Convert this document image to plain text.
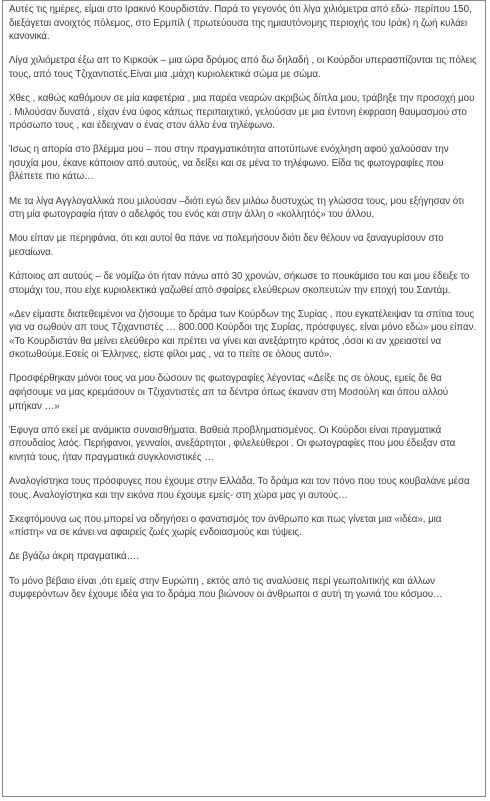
Αυτές τις ημέρες, είμαι στο Ιρακινό Κουρδιστάν. Παρά το γεγονός ότι λίγα χιλιόμετρα από εδώ- περίπου 150, διεξάγεται ανοιχτός πόλεμος, στο Ερμπίλ ( πρωτεύουσα της ημιαυτόνομης περιοχής του Ιράκ) η ζωή κυλάει κανονικά.

Λίγα χιλιόμετρα έξω απ το Κιρκούκ – μια ώρα δρόμος από δω δηλαδή , οι Κούρδοι υπερασπίζονται τις πόλεις τους, από τους Τζιχαντιστές.Είναι μια ,μάχη κυριολεκτικά σώμα με σώμα.

Χθες , καθώς καθόμουν σε μία καφετέρια , μια παρέα νεαρών ακριβώς δίπλα μου, τράβηξε την προσοχή μου . Μιλούσαν δυνατά , είχαν ένα ύφος κάπως περιπαιχτικό, γελούσαν με μια έντονη έκφραση θαυμασμού στο πρόσωπο τους , και έδειχναν ο ένας στον άλλο ένα τηλέφωνο.

Ίσως η απορία στο βλέμμα μου – που στην πραγματικότητα αποτύπωνε ενόχληση αφού χαλούσαν την ησυχία μου, έκανε κάποιον από αυτούς, να δείξει και σε μένα το τηλέφωνο. Είδα τις φωτογραφίες που βλέπετε πιο κάτω…

Με τα λίγα Αγγλογαλλικά που μιλούσαν –διότι εγώ δεν μιλάω δυστυχώς τη γλώσσα τους, μου εξήγησαν ότι στη μία φωτογραφία ήταν ο αδελφός του ενός και στην άλλη ο «κολλητός» του άλλου.

Μου είπαν με περηφάνια, ότι και αυτοί θα πάνε να πολεμήσουν διότι δεν θέλουν να ξαναγυρίσουν στο μεσαίωνα.

Κάποιος απ αυτούς – δε νομίζω ότι ήταν πάνω από 30 χρονών, σήκωσε το πουκάμισο του και μου έδειξε το στομάχι του, που είχε κυριολεκτικά γαζωθεί από σφαίρες ελεύθερων σκοπευτών την εποχή του Σαντάμ.

«Δεν είμαστε διατεθειμένοι να ζήσουμε το δράμα των Κούρδων της Συρίας , που εγκατέλειψαν τα σπίτια τους για να σωθούν απ τους Τζιχαντιστές … 800.000 Κούρδοι της Συρίας, πρόσφυγες, είναι μόνο εδώ» μου είπαν. «Το Κουρδιστάν θα μείνει ελεύθερο και πρέπει να γίνει και ανεξάρτητο κράτος ,όσοι κι αν χρειαστεί να σκοτωθούμε.Εσείς οι Έλληνες, είστε φίλοι μας , να το πείτε σε όλους αυτό».

Προσφέρθηκαν μόνοι τους να μου δώσουν τις φωτογραφίες λέγοντας «Δείξε τις σε όλους, εμείς δε θα αφήσουμε να μας κρεμάσουν οι Τζιχαντιστές απ τα δέντρα όπως έκαναν στη Μοσούλη και όπου αλλού μπήκαν …»

Έφυγα από εκεί με ανάμικτα συναισθήματα. Βαθειά προβληματισμένος. Οι Κούρδοι είναι πραγματικά σπουδαίος λαός. Περήφανοι, γενναίοι, ανεξάρτητοι , φιλελεύθεροι . Οι φωτογραφίες που μου έδειξαν στα κινητά τους, ήταν πραγματικά συγκλονιστικές …

Αναλογίστηκα τους πρόσφυγες που έχουμε στην Ελλάδα. Το δράμα και τον πόνο που τους κουβαλάνε μέσα τους. Αναλογίστηκα και την εικόνα που έχουμε εμείς- στη χώρα μας γι αυτούς…

Σκεφτόμουνα ως που μπορεί να οδηγήσει ο φανατισμός τον άνθρωπο και πως γίνεται μια «ιδέα», μια «πίστη» να σε κάνει να αφαιρείς ζωές χωρίς ενδοιασμούς και τύψεις.

Δε βγάζω άκρη πραγματικά….

Το μόνο βέβαιο είναι ,ότι εμείς στην Ευρώπη , εκτός από τις αναλύσεις περί γεωπολιτικής και άλλων συμφερόντων δεν έχουμε ιδέα για το δράμα που βιώνουν οι άνθρωποι σ αυτή τη γωνιά του κόσμου…
